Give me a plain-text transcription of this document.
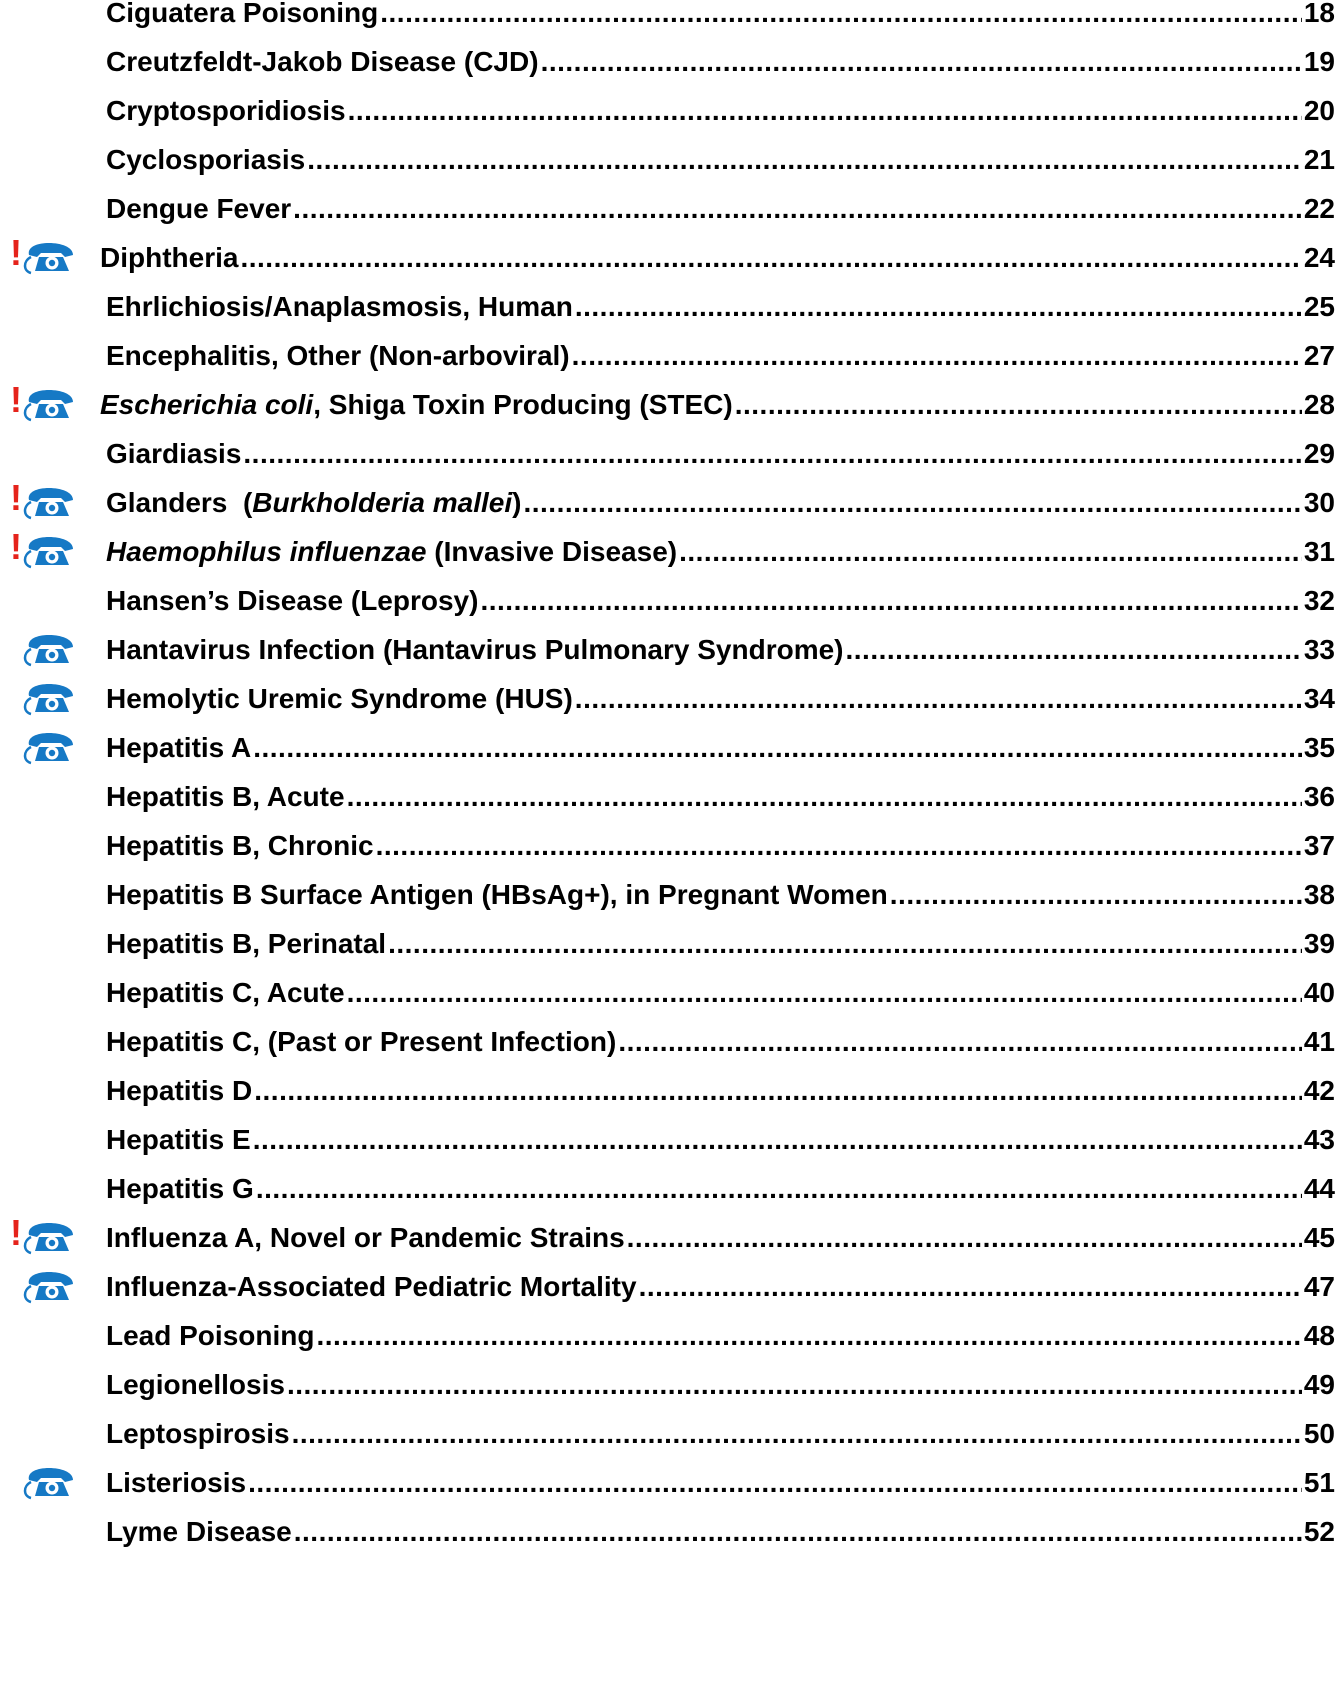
Ciguatera Poisoning .....	18
Creutzfeldt-Jakob Disease (CJD) .....	19
Cryptosporidiosis .....	20
Cyclosporiasis .....	21
Dengue Fever .....	22
!	Diphtheria .....	24
Ehrlichiosis/Anaplasmosis, Human .....	25
Encephalitis, Other (Non-arboviral) .....	27
!	Escherichia coli, Shiga Toxin Producing (STEC) .....	28
Giardiasis .....	29
!	Glanders  (Burkholderia mallei) .....	30
!	Haemophilus influenzae (Invasive Disease) .....	31
Hansen’s Disease (Leprosy) .....	32
Hantavirus Infection (Hantavirus Pulmonary Syndrome) .....	33
Hemolytic Uremic Syndrome (HUS) .....	34
Hepatitis A .....	35
Hepatitis B, Acute .....	36
Hepatitis B, Chronic .....	37
Hepatitis B Surface Antigen (HBsAg+), in Pregnant Women .....	38
Hepatitis B, Perinatal .....	39
Hepatitis C, Acute .....	40
Hepatitis C, (Past or Present Infection) .....	41
Hepatitis D .....	42
Hepatitis E .....	43
Hepatitis G .....	44
!	Influenza A, Novel or Pandemic Strains .....	45
Influenza-Associated Pediatric Mortality .....	47
Lead Poisoning .....	48
Legionellosis .....	49
Leptospirosis .....	50
Listeriosis .....	51
Lyme Disease .....	52
